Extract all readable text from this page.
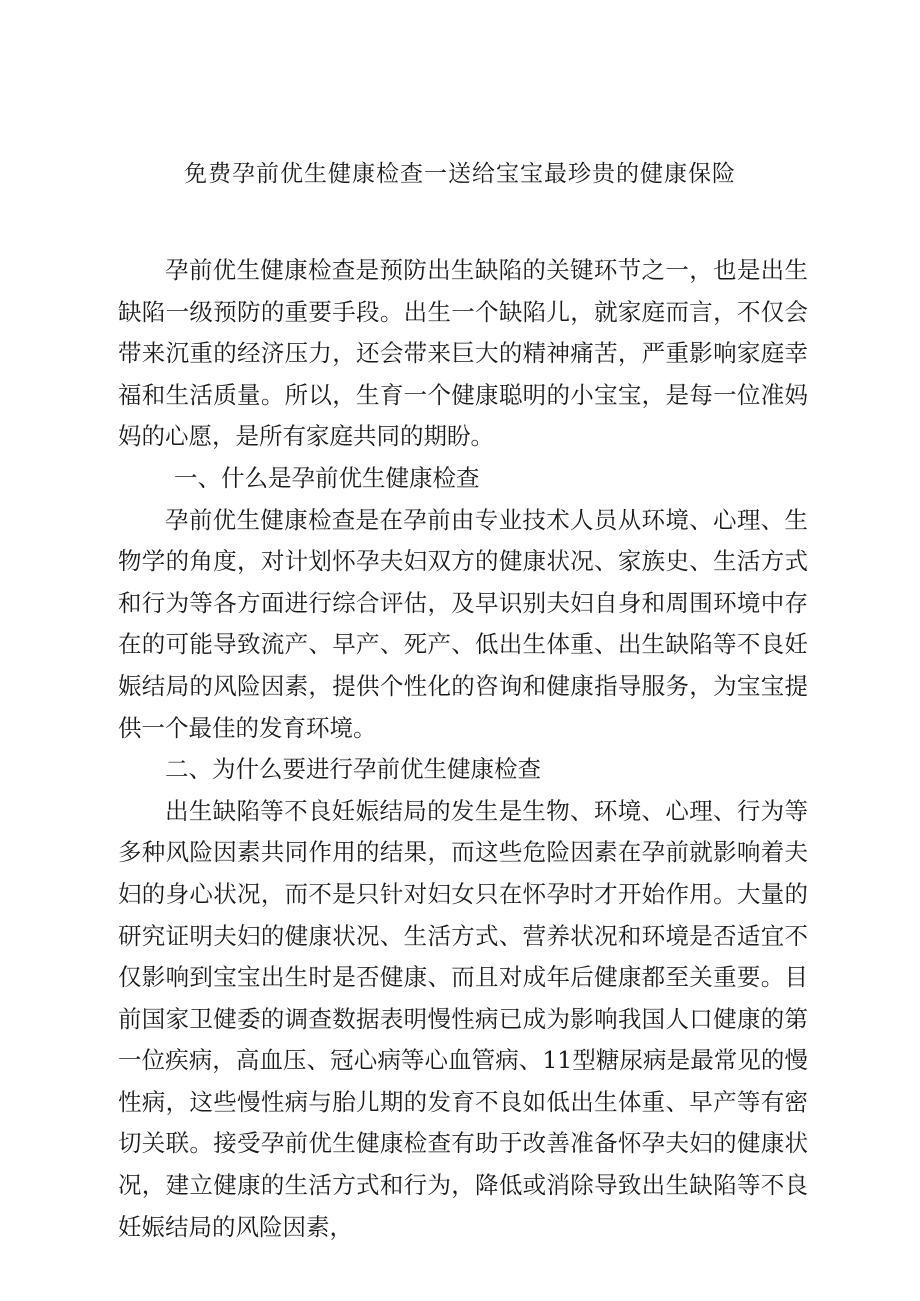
免费孕前优生健康检查一送给宝宝最珍贵的健康保险

孕前优生健康检查是预防出生缺陷的关键环节之一，也是出生缺陷一级预防的重要手段。出生一个缺陷儿，就家庭而言，不仅会带来沉重的经济压力，还会带来巨大的精神痛苦，严重影响家庭幸福和生活质量。所以，生育一个健康聪明的小宝宝，是每一位准妈妈的心愿，是所有家庭共同的期盼。

一、什么是孕前优生健康检查

孕前优生健康检查是在孕前由专业技术人员从环境、心理、生物学的角度，对计划怀孕夫妇双方的健康状况、家族史、生活方式和行为等各方面进行综合评估，及早识别夫妇自身和周围环境中存在的可能导致流产、早产、死产、低出生体重、出生缺陷等不良妊娠结局的风险因素，提供个性化的咨询和健康指导服务，为宝宝提供一个最佳的发育环境。

二、为什么要进行孕前优生健康检查

出生缺陷等不良妊娠结局的发生是生物、环境、心理、行为等多种风险因素共同作用的结果，而这些危险因素在孕前就影响着夫妇的身心状况，而不是只针对妇女只在怀孕时才开始作用。大量的研究证明夫妇的健康状况、生活方式、营养状况和环境是否适宜不仅影响到宝宝出生时是否健康、而且对成年后健康都至关重要。目前国家卫健委的调查数据表明慢性病已成为影响我国人口健康的第一位疾病，高血压、冠心病等心血管病、11型糖尿病是最常见的慢性病，这些慢性病与胎儿期的发育不良如低出生体重、早产等有密切关联。接受孕前优生健康检查有助于改善准备怀孕夫妇的健康状况，建立健康的生活方式和行为，降低或消除导致出生缺陷等不良妊娠结局的风险因素，
